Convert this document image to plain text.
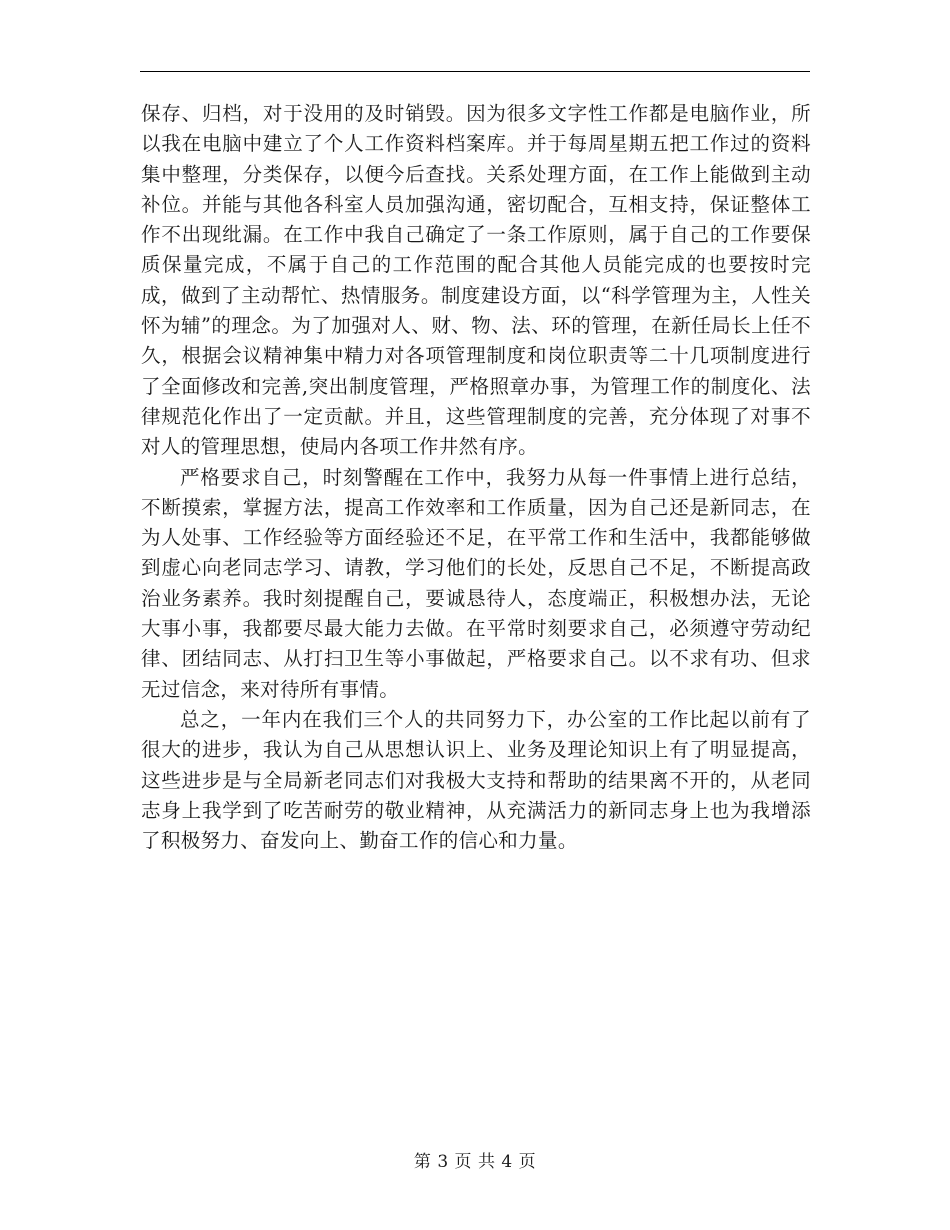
保存、归档，对于没用的及时销毁。因为很多文字性工作都是电脑作业，所以我在电脑中建立了个人工作资料档案库。并于每周星期五把工作过的资料集中整理，分类保存，以便今后查找。关系处理方面，在工作上能做到主动补位。并能与其他各科室人员加强沟通，密切配合，互相支持，保证整体工作不出现纰漏。在工作中我自己确定了一条工作原则，属于自己的工作要保质保量完成，不属于自己的工作范围的配合其他人员能完成的也要按时完成，做到了主动帮忙、热情服务。制度建设方面，以“科学管理为主，人性关怀为辅”的理念。为了加强对人、财、物、法、环的管理，在新任局长上任不久，根据会议精神集中精力对各项管理制度和岗位职责等二十几项制度进行了全面修改和完善,突出制度管理，严格照章办事，为管理工作的制度化、法律规范化作出了一定贡献。并且，这些管理制度的完善，充分体现了对事不对人的管理思想，使局内各项工作井然有序。

严格要求自己，时刻警醒在工作中，我努力从每一件事情上进行总结，不断摸索，掌握方法，提高工作效率和工作质量，因为自己还是新同志，在为人处事、工作经验等方面经验还不足，在平常工作和生活中，我都能够做到虚心向老同志学习、请教，学习他们的长处，反思自己不足，不断提高政治业务素养。我时刻提醒自己，要诚恳待人，态度端正，积极想办法，无论大事小事，我都要尽最大能力去做。在平常时刻要求自己，必须遵守劳动纪律、团结同志、从打扫卫生等小事做起，严格要求自己。以不求有功、但求无过信念，来对待所有事情。

总之，一年内在我们三个人的共同努力下，办公室的工作比起以前有了很大的进步，我认为自己从思想认识上、业务及理论知识上有了明显提高，这些进步是与全局新老同志们对我极大支持和帮助的结果离不开的，从老同志身上我学到了吃苦耐劳的敬业精神，从充满活力的新同志身上也为我增添了积极努力、奋发向上、勤奋工作的信心和力量。

第 3 页 共 4 页
